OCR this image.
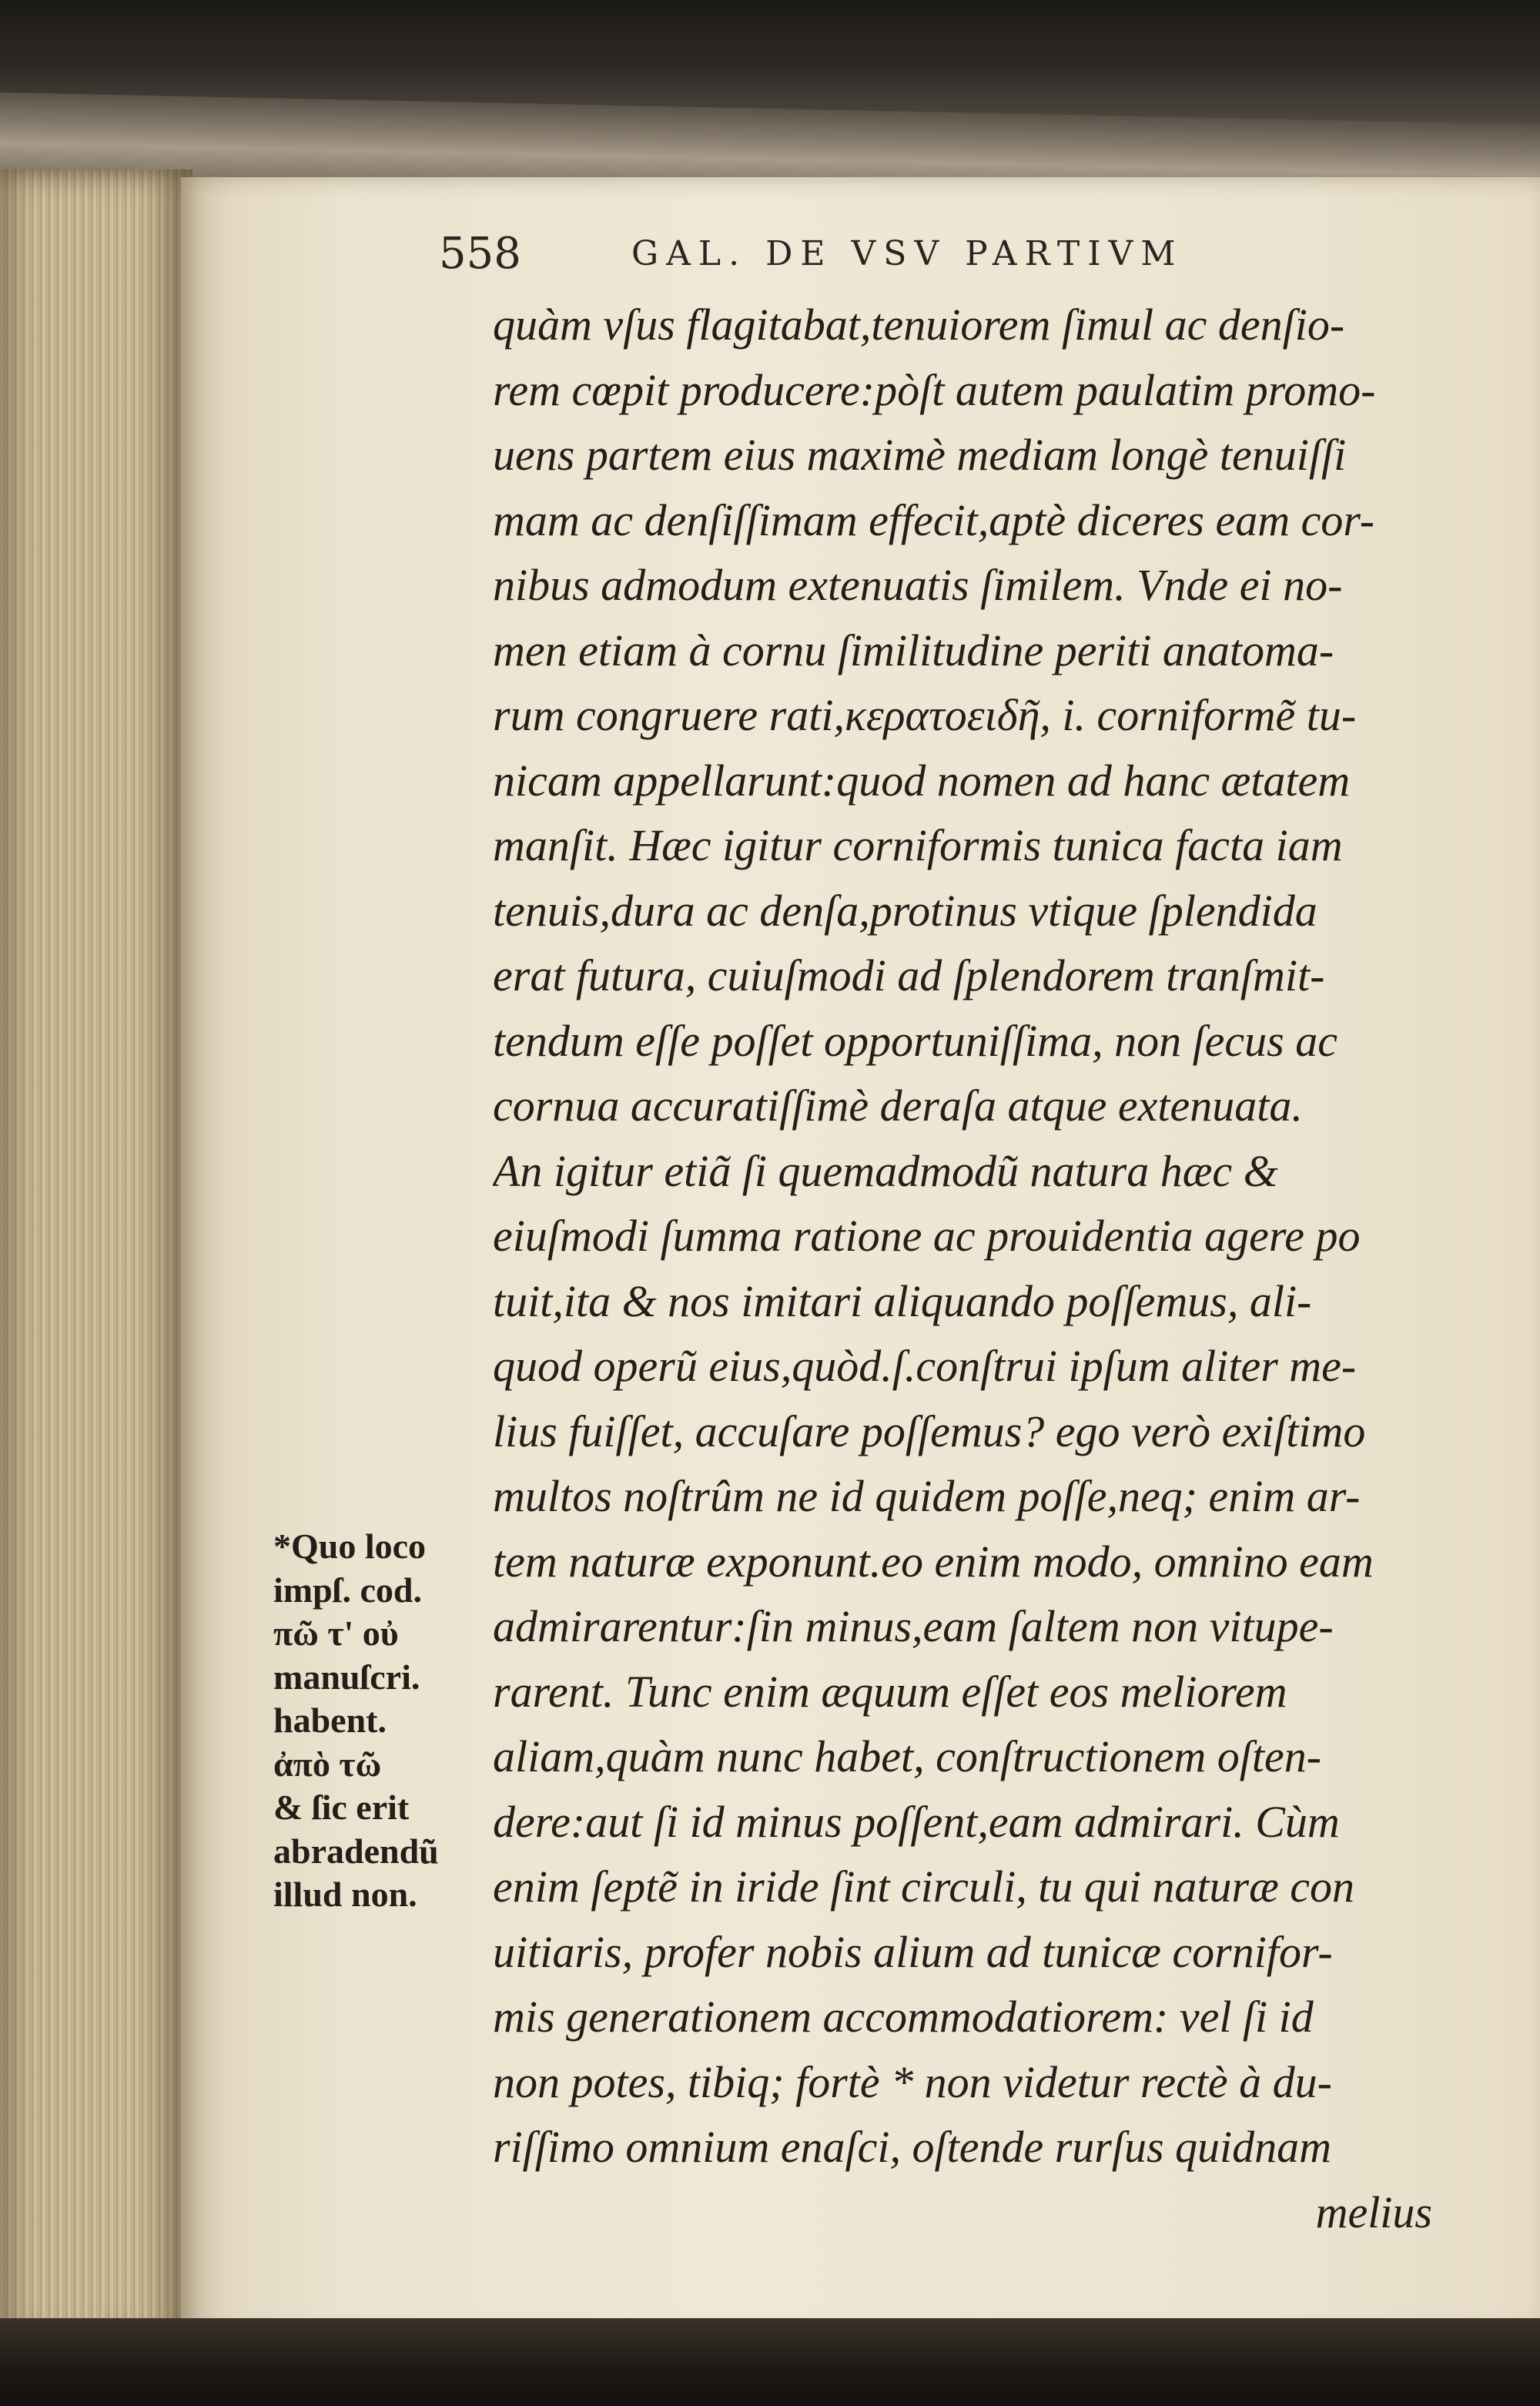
558	GAL. DE VSV PARTIVM
quàm vſus flagitabat,tenuiorem ſimul ac denſio-
rem cœpit producere:pòſt autem paulatim promo-
uens partem eius maximè mediam longè tenuiſſi
mam ac denſiſſimam effecit,aptè diceres eam cor-
nibus admodum extenuatis ſimilem. Vnde ei no-
men etiam à cornu ſimilitudine periti anatoma-
rum congruere rati,κερατοειδῆ, i. corniformẽ tu-
nicam appellarunt:quod nomen ad hanc ætatem
manſit. Hæc igitur corniformis tunica facta iam
tenuis,dura ac denſa,protinus vtique ſplendida
erat futura, cuiuſmodi ad ſplendorem tranſmit-
tendum eſſe poſſet opportuniſſima, non ſecus ac
cornua accuratiſſimè deraſa atque extenuata.
An igitur etiã ſi quemadmodũ natura hæc &
eiuſmodi ſumma ratione ac prouidentia agere po
tuit,ita & nos imitari aliquando poſſemus, ali-
quod operũ eius,quòd.ſ.conſtrui ipſum aliter me-
lius fuiſſet, accuſare poſſemus? ego verò exiſtimo
multos noſtrûm ne id quidem poſſe,neq; enim ar-
tem naturæ exponunt.eo enim modo, omnino eam
admirarentur:ſin minus,eam ſaltem non vitupe-
rarent. Tunc enim æquum eſſet eos meliorem
aliam,quàm nunc habet, conſtructionem oſten-
dere:aut ſi id minus poſſent,eam admirari. Cùm
enim ſeptẽ in iride ſint circuli, tu qui naturæ con
uitiaris, profer nobis alium ad tunicæ cornifor-
mis generationem accommodatiorem: vel ſi id
non potes, tibiq; fortè * non videtur rectè à du-
riſſimo omnium enaſci, oſtende rurſus quidnam
melius
*Quo loco
impſ. cod.
πῶ τ' οὐ
manuſcri.
habent.
ἀπὸ τῶ
& ſic erit
abradendũ
illud non.
